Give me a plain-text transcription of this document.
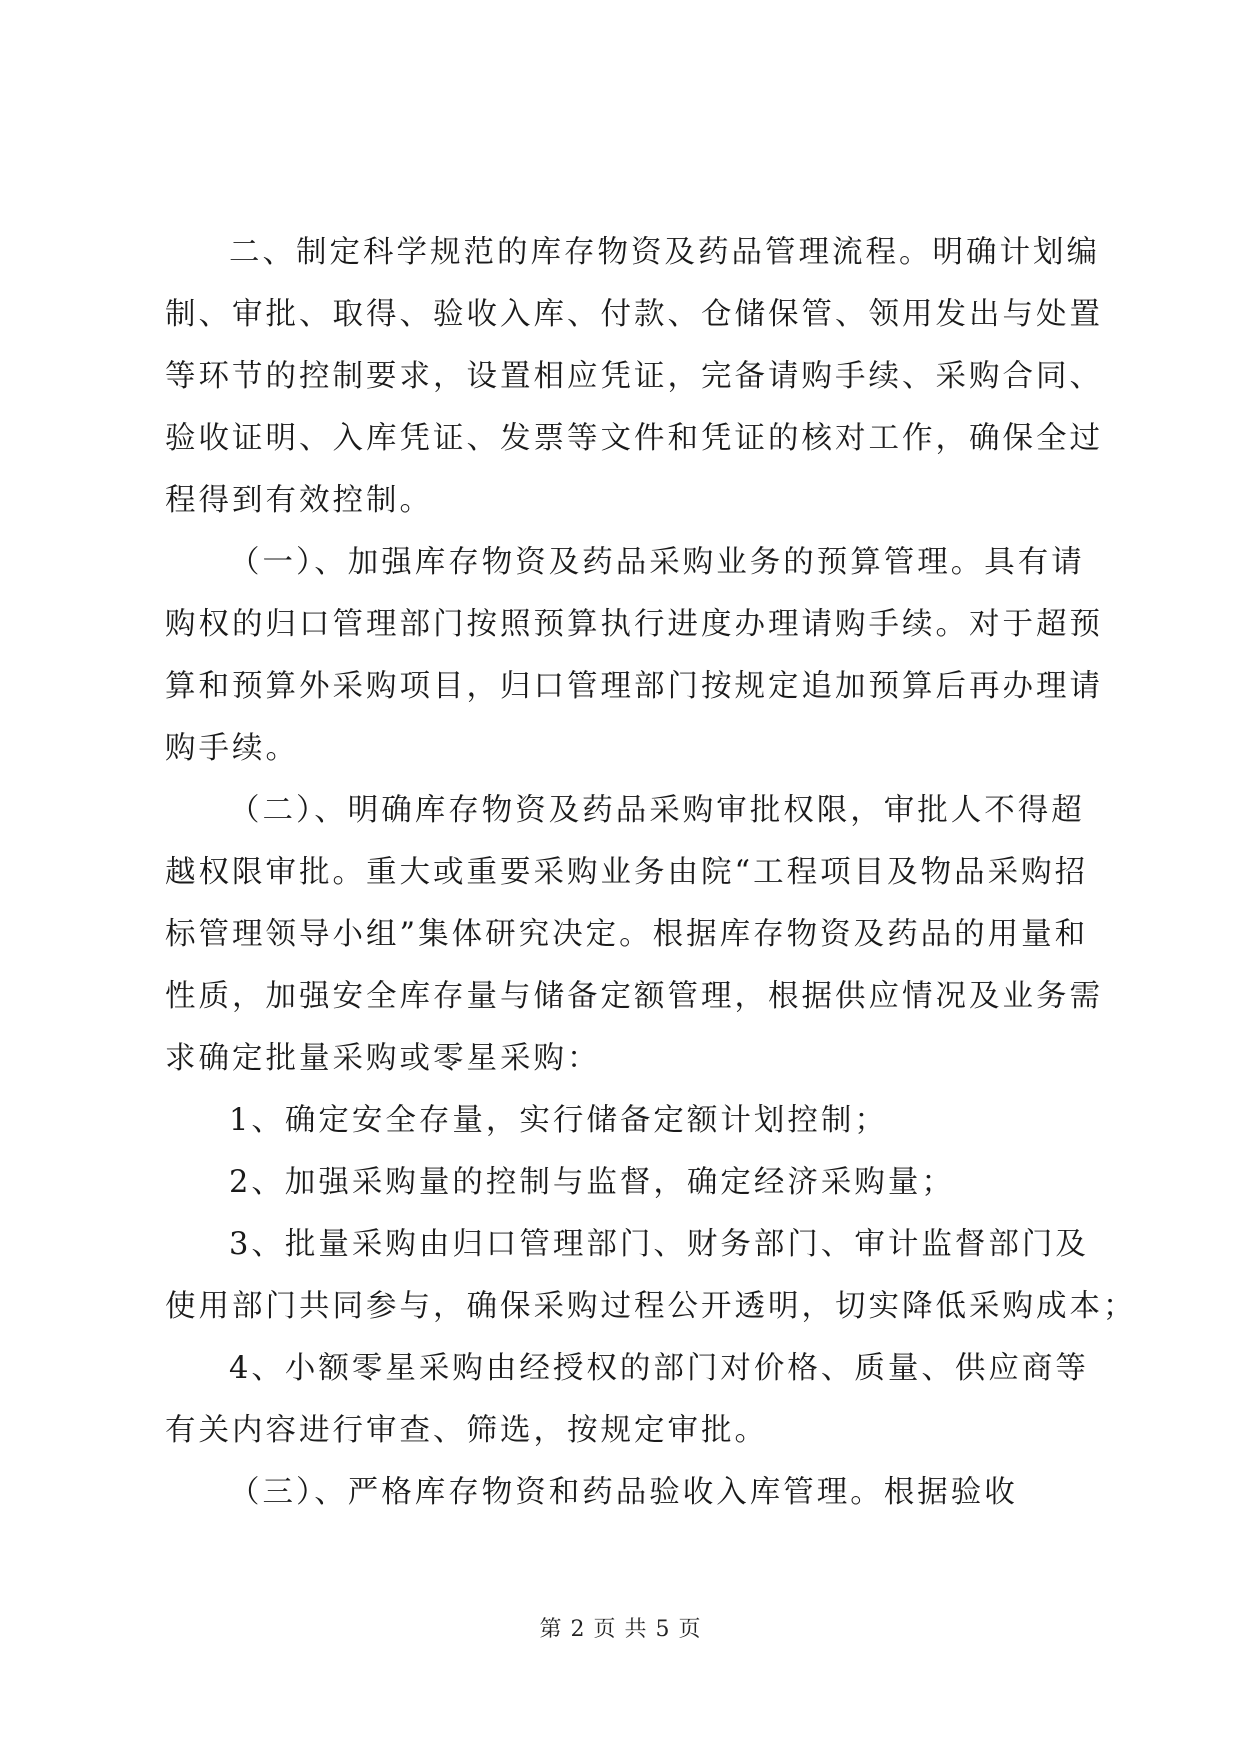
二、制定科学规范的库存物资及药品管理流程。明确计划编
制、审批、取得、验收入库、付款、仓储保管、领用发出与处置
等环节的控制要求，设置相应凭证，完备请购手续、采购合同、
验收证明、入库凭证、发票等文件和凭证的核对工作，确保全过
程得到有效控制。
（一）、加强库存物资及药品采购业务的预算管理。具有请
购权的归口管理部门按照预算执行进度办理请购手续。对于超预
算和预算外采购项目，归口管理部门按规定追加预算后再办理请
购手续。
（二）、明确库存物资及药品采购审批权限，审批人不得超
越权限审批。重大或重要采购业务由院“工程项目及物品采购招
标管理领导小组”集体研究决定。根据库存物资及药品的用量和
性质，加强安全库存量与储备定额管理，根据供应情况及业务需
求确定批量采购或零星采购：
1、确定安全存量，实行储备定额计划控制；
2、加强采购量的控制与监督，确定经济采购量；
3、批量采购由归口管理部门、财务部门、审计监督部门及
使用部门共同参与，确保采购过程公开透明，切实降低采购成本；
4、小额零星采购由经授权的部门对价格、质量、供应商等
有关内容进行审查、筛选，按规定审批。
（三）、严格库存物资和药品验收入库管理。根据验收
第 2 页 共 5 页
